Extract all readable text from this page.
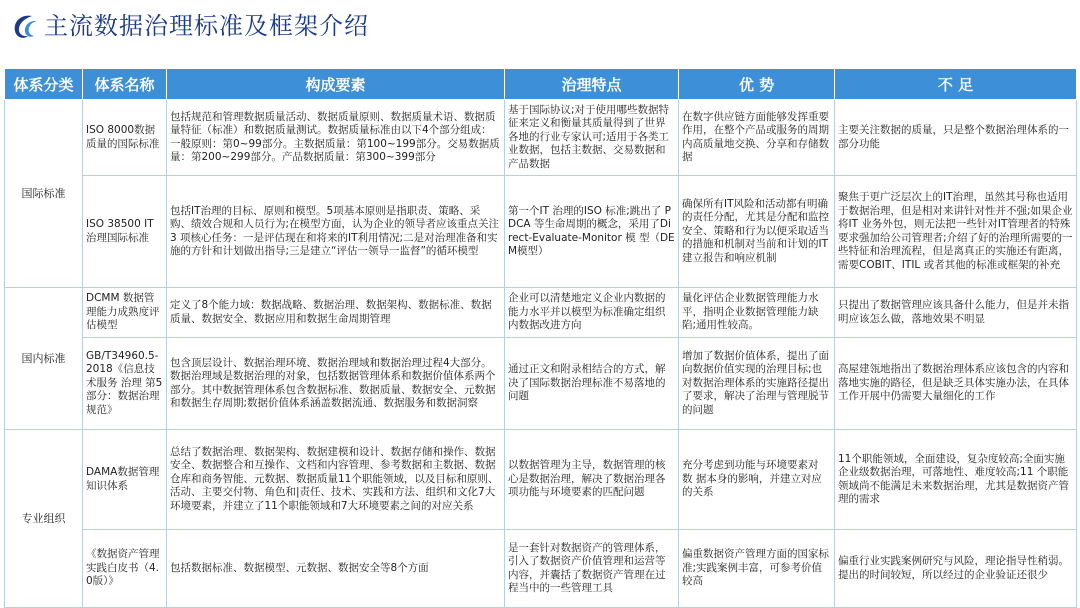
主流数据治理标准及框架介绍
体系分类	体系名称	构成要素	治理特点	优 势	不 足
国际标准	ISO 8000数据质量的国际标准	包括规范和管理数据质量活动、数据质量原则、数据质量术语、数据质量特征（标准）和数据质量测试。数据质量标准由以下4个部分组成：一般原则：第0~99部分。主数据质量：第100~199部分。交易数据质量：第200~299部分。产品数据质量：第300~399部分	基于国际协议;对于使用哪些数据特征来定义和衡量其质量得到了世界各地的行业专家认可;适用于各类工业数据，包括主数据、交易数据和产品数据	在数字供应链方面能够发挥重要作用，在整个产品或服务的周期内高质量地交换、分享和存储数据	主要关注数据的质量，只是整个数据治理体系的一部分功能
	ISO 38500 IT治理国际标准	包括IT治理的目标、原则和模型。5项基本原则是指职责、策略、采购、绩效合规和人员行为;在模型方面，认为企业的领导者应该重点关注 3 项核心任务：一是评估现在和将来的IT利用情况;二是对治理准备和实施的方针和计划做出指导;三是建立“评估一领导一监督”的循环模型	第一个IT 治理的ISO 标准;跳出了 PDCA 等生命周期的概念，采用了Direct-Evaluate-Monitor 模 型（DEM模型）	确保所有IT风险和活动都有明确的责任分配，尤其是分配和监控安全、策略和行为以便采取适当的措施和机制对当前和计划的IT建立报告和响应机制	聚焦于更广泛层次上的IT治理，虽然其号称也适用于数据治理，但是相对来讲针对性并不强;如果企业将IT 业务外包，则无法把一些针对IT管理者的特殊要求强加给公司管理者;介绍了好的治理所需要的一些特征和治理流程，但是离真正的实施还有距离，需要COBIT、ITIL 或者其他的标准或框架的补充
国内标准	DCMM 数据管理能力成熟度评估模型	定义了8个能力域：数据战略、数据治理、数据架构、数据标准、数据质量、数据安全、数据应用和数据生命周期管理	企业可以清楚地定义企业内数据的能力水平并以模型为标准确定组织内数据改进方向	量化评估企业数据管理能力水平，指明企业数据管理能力缺陷;通用性较高。	只提出了数据管理应该具备什么能力，但是并未指明应该怎么做，落地效果不明显
	GB/T34960.5-2018《信息技术服务 治理 第5部分：数据治理规范》	包含顶层设计、数据治理环境、数据治理域和数据治理过程4大部分。数据治理域是数据治理的对象，包括数据管理体系和数据价值体系两个部分。其中数据管理体系包含数据标准、数据质量、数据安全、元数据和数据生存周期;数据价值体系涵盖数据流通、数据服务和数据洞察	通过正文和附录相结合的方式，解决了国际数据治理标准不易落地的问题	增加了数据价值体系，提出了面向数据价值实现的治理目标;也对数据治理体系的实施路径提出了要求，解决了治理与管理脱节的问题	高屋建瓴地指出了数据治理体系应该包含的内容和落地实施的路径，但是缺乏具体实施办法，在具体工作开展中仍需要大量细化的工作
专业组织	DAMA数据管理知识体系	总结了数据治理、数据架构、数据建模和设计、数据存储和操作、数据安全、数据整合和互操作、文档和内容管理、参考数据和主数据、数据仓库和商务智能、元数据、数据质量11个职能领域，以及目标和原则、活动、主要交付物、角色和|责任、技术、实践和方法、组织和文化7大环境要素，并建立了11个职能领域和7大环境要素之间的对应关系	以数据管理为主导，数据管理的核心是数据治理，解决了数据治理各项功能与环境要素的匹配问题	充分考虑到功能与环境要素对 数 据本身的影响，并建立对应的关系	11个职能领域，全面建设，复杂度较高;全面实施企业级数据治理，可落地性、难度较高;11 个职能领域尚不能满足未来数据治理，尤其是数据资产管理的需求
	《数据资产管理实践白皮书（4.0版）》	包括数据标准、数据模型、元数据、数据安全等8个方面	是一套针对数据资产的管理体系，引入了数据资产价值管理和运营等内容，并囊括了数据资产管理在过程当中的一些管理工具	偏重数据资产管理方面的国家标准;实践案例丰富，可参考价值较高	偏重行业实践案例研究与风险，理论指导性稍弱。提出的时间较短，所以经过的企业验证还很少
